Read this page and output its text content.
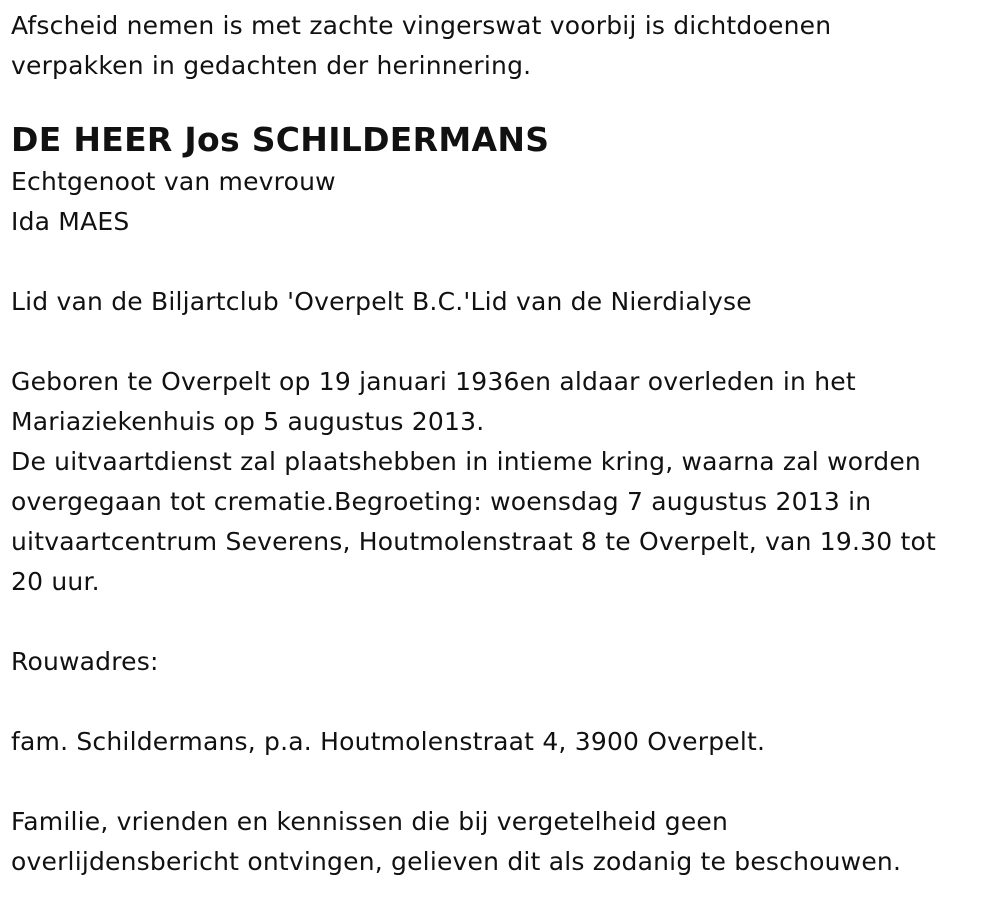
Afscheid nemen is met zachte vingerswat voorbij is dichtdoenen
verpakken in gedachten der herinnering.
DE HEER Jos SCHILDERMANS
Echtgenoot van mevrouw
Ida MAES
Lid van de Biljartclub 'Overpelt B.C.'Lid van de Nierdialyse
Geboren te Overpelt op 19 januari 1936en aldaar overleden in het
Mariaziekenhuis op 5 augustus 2013.
De uitvaartdienst zal plaatshebben in intieme kring, waarna zal worden
overgegaan tot crematie.Begroeting: woensdag 7 augustus 2013 in
uitvaartcentrum Severens, Houtmolenstraat 8 te Overpelt, van 19.30 tot
20 uur.
Rouwadres:
fam. Schildermans, p.a. Houtmolenstraat 4, 3900 Overpelt.
Familie, vrienden en kennissen die bij vergetelheid geen
overlijdensbericht ontvingen, gelieven dit als zodanig te beschouwen.
